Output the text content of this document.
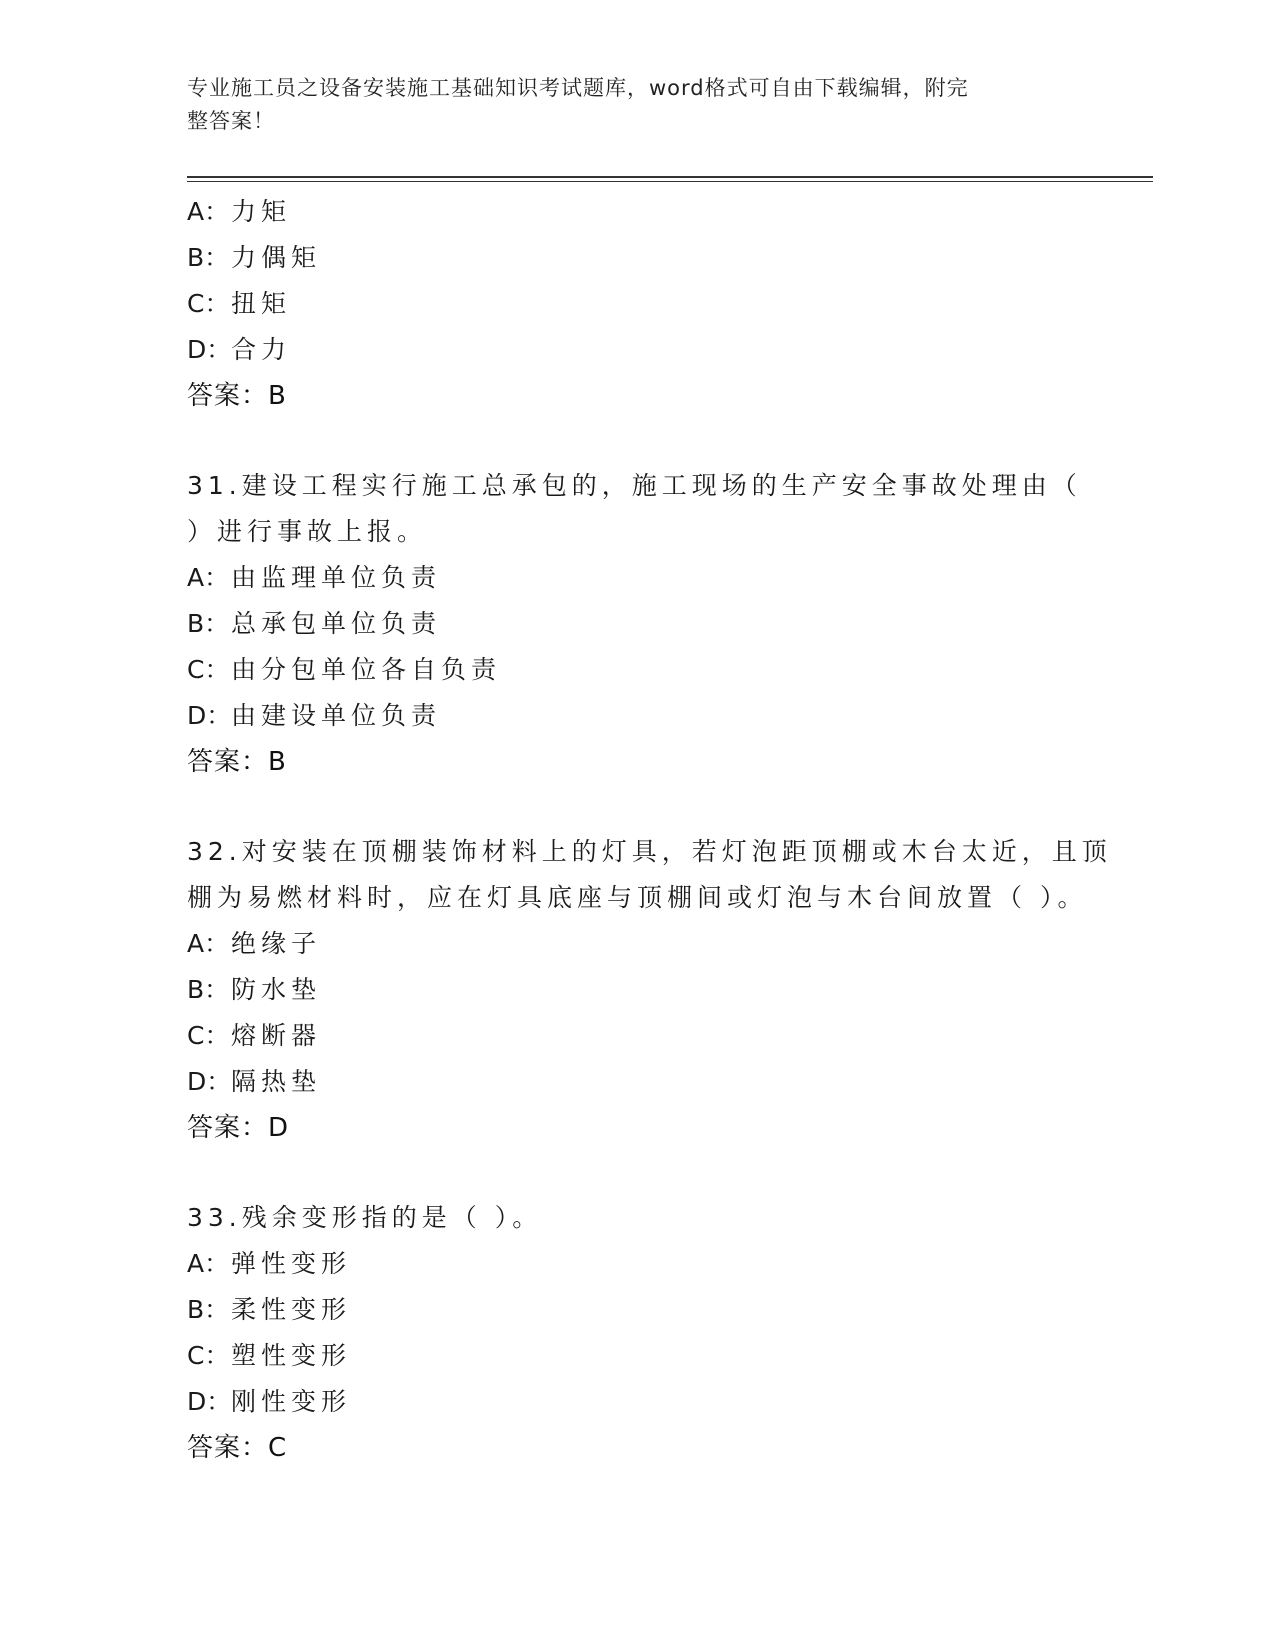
专业施工员之设备安装施工基础知识考试题库，word格式可自由下载编辑，附完
整答案！
A：力矩
B：力偶矩
C：扭矩
D：合力
答案：B
31.建设工程实行施工总承包的，施工现场的生产安全事故处理由（
）进行事故上报。
A：由监理单位负责
B：总承包单位负责
C：由分包单位各自负责
D：由建设单位负责
答案：B
32.对安装在顶棚装饰材料上的灯具，若灯泡距顶棚或木台太近，且顶
棚为易燃材料时，应在灯具底座与顶棚间或灯泡与木台间放置（ ）。
A：绝缘子
B：防水垫
C：熔断器
D：隔热垫
答案：D
33.残余变形指的是（ ）。
A：弹性变形
B：柔性变形
C：塑性变形
D：刚性变形
答案：C
